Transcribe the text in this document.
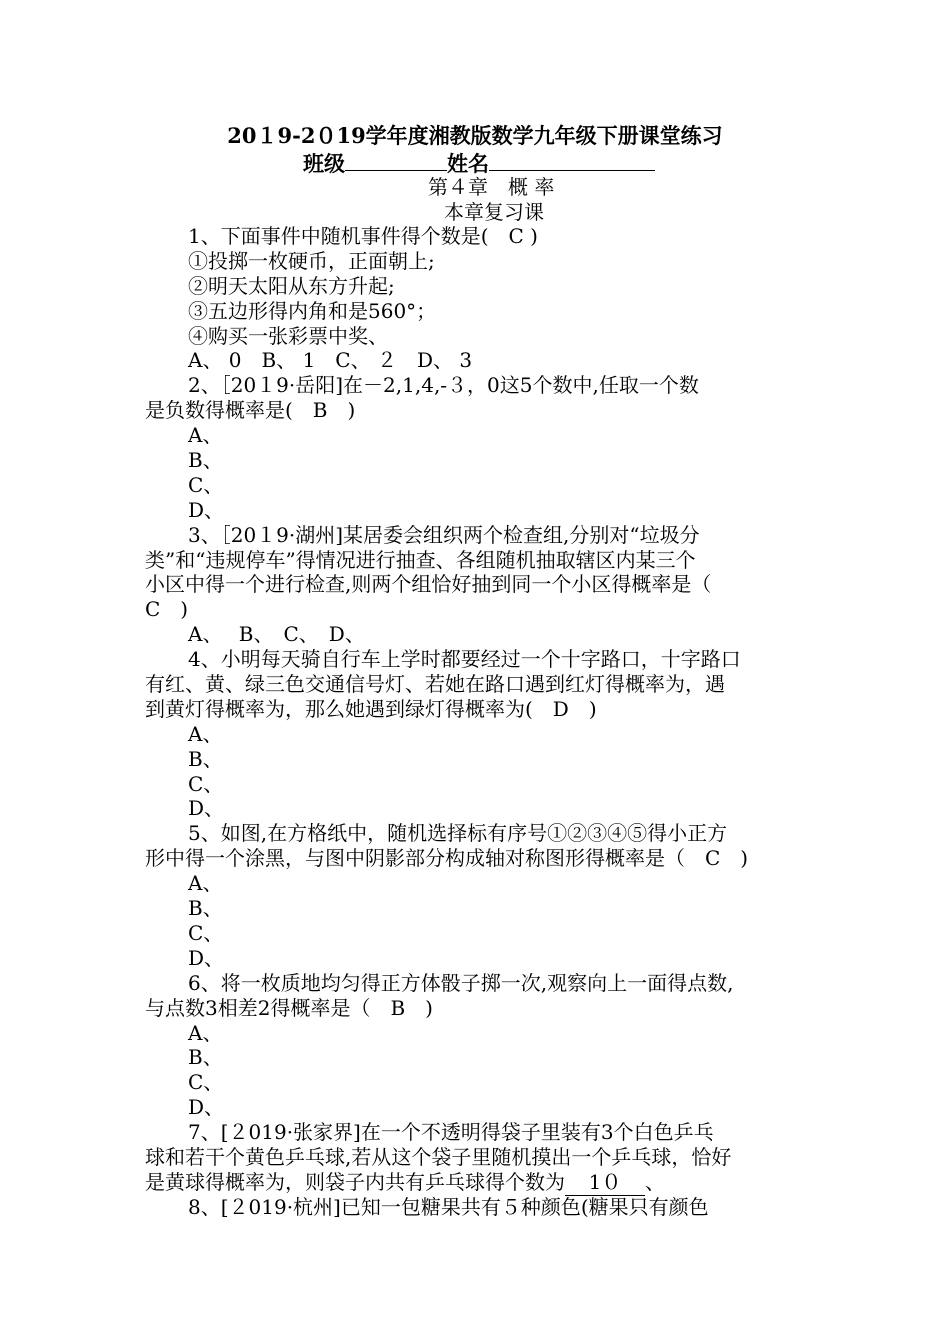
20１9-2０19学年度湘教版数学九年级下册课堂练习
班级	姓名
第４章　概 率
本章复习课
1、下面事件中随机事件得个数是(　C )
①投掷一枚硬币，正面朝上;
②明天太阳从东方升起;
③五边形得内角和是560°；
④购买一张彩票中奖、
A、 0　B、 1　C、 ２　D、 3
2、［20１9·岳阳]在－2,1,4,-３，0这5个数中,任取一个数
是负数得概率是(　B　)
A、
B、
C、
D、
3、［20１9·湖州]某居委会组织两个检查组,分别对“垃圾分
类”和“违规停车”得情况进行抽查、各组随机抽取辖区内某三个
小区中得一个进行检查,则两个组恰好抽到同一个小区得概率是（
C　)
A、　 B、　C、　D、
4、小明每天骑自行车上学时都要经过一个十字路口，十字路口
有红、黄、绿三色交通信号灯、若她在路口遇到红灯得概率为，遇
到黄灯得概率为，那么她遇到绿灯得概率为(　D　)
A、
B、
C、
D、
5、如图,在方格纸中，随机选择标有序号①②③④⑤得小正方
形中得一个涂黑，与图中阴影部分构成轴对称图形得概率是（　C　)
A、
B、
C、
D、
6、将一枚质地均匀得正方体骰子掷一次,观察向上一面得点数,
与点数3相差2得概率是（　B　)
A、
B、
C、
D、
7、[２019·张家界]在一个不透明得袋子里装有3个白色乒乓
球和若干个黄色乒乓球,若从这个袋子里随机摸出一个乒乓球，恰好
是黄球得概率为，则袋子内共有乒乓球得个数为 1０ 、
8、[２019·杭州]已知一包糖果共有５种颜色(糖果只有颜色
